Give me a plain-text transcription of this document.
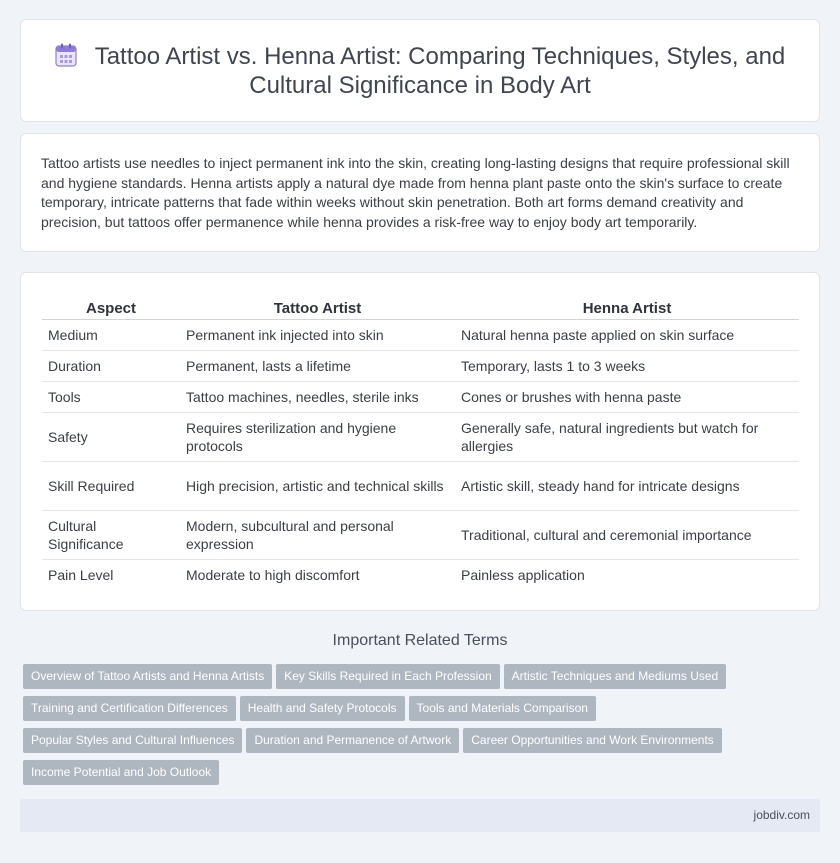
Tattoo Artist vs. Henna Artist: Comparing Techniques, Styles, and Cultural Significance in Body Art

Tattoo artists use needles to inject permanent ink into the skin, creating long-lasting designs that require professional skill and hygiene standards. Henna artists apply a natural dye made from henna plant paste onto the skin's surface to create temporary, intricate patterns that fade within weeks without skin penetration. Both art forms demand creativity and precision, but tattoos offer permanence while henna provides a risk-free way to enjoy body art temporarily.

Aspect	Tattoo Artist	Henna Artist
Medium	Permanent ink injected into skin	Natural henna paste applied on skin surface
Duration	Permanent, lasts a lifetime	Temporary, lasts 1 to 3 weeks
Tools	Tattoo machines, needles, sterile inks	Cones or brushes with henna paste
Safety	Requires sterilization and hygiene protocols	Generally safe, natural ingredients but watch for allergies
Skill Required	High precision, artistic and technical skills	Artistic skill, steady hand for intricate designs
Cultural Significance	Modern, subcultural and personal expression	Traditional, cultural and ceremonial importance
Pain Level	Moderate to high discomfort	Painless application
Important Related Terms
Overview of Tattoo Artists and Henna Artists Key Skills Required in Each Profession Artistic Techniques and Mediums Used
Training and Certification Differences Health and Safety Protocols Tools and Materials Comparison
Popular Styles and Cultural Influences Duration and Permanence of Artwork Career Opportunities and Work Environments
Income Potential and Job Outlook
jobdiv.com
